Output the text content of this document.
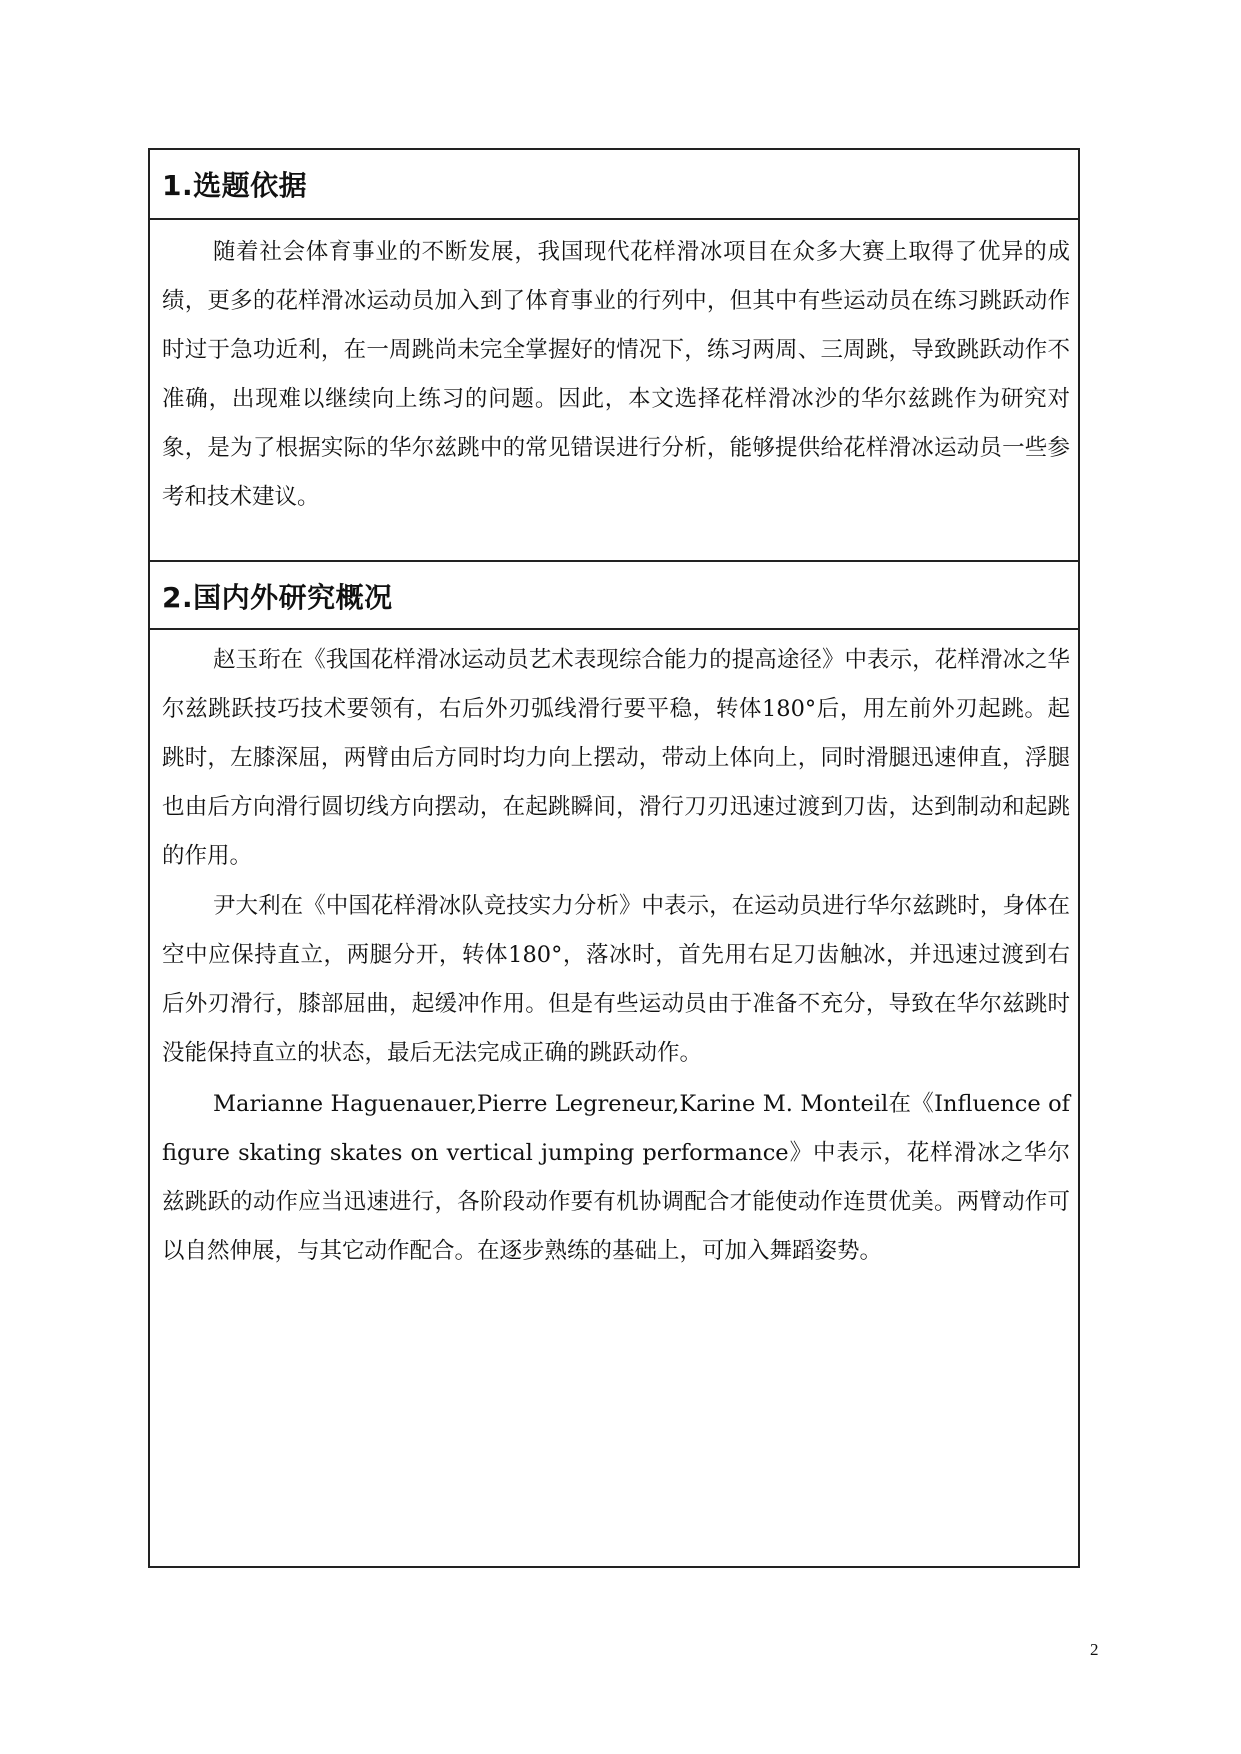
1.选题依据

随着社会体育事业的不断发展，我国现代花样滑冰项目在众多大赛上取得了优异的成绩，更多的花样滑冰运动员加入到了体育事业的行列中，但其中有些运动员在练习跳跃动作时过于急功近利，在一周跳尚未完全掌握好的情况下，练习两周、三周跳，导致跳跃动作不准确，出现难以继续向上练习的问题。因此，本文选择花样滑冰沙的华尔兹跳作为研究对象，是为了根据实际的华尔兹跳中的常见错误进行分析，能够提供给花样滑冰运动员一些参考和技术建议。

2.国内外研究概况

赵玉珩在《我国花样滑冰运动员艺术表现综合能力的提高途径》中表示，花样滑冰之华尔兹跳跃技巧技术要领有，右后外刃弧线滑行要平稳，转体180°后，用左前外刃起跳。起跳时，左膝深屈，两臂由后方同时均力向上摆动，带动上体向上，同时滑腿迅速伸直，浮腿也由后方向滑行圆切线方向摆动，在起跳瞬间，滑行刀刃迅速过渡到刀齿，达到制动和起跳的作用。

尹大利在《中国花样滑冰队竞技实力分析》中表示，在运动员进行华尔兹跳时，身体在空中应保持直立，两腿分开，转体180°，落冰时，首先用右足刀齿触冰，并迅速过渡到右后外刃滑行，膝部屈曲，起缓冲作用。但是有些运动员由于准备不充分，导致在华尔兹跳时没能保持直立的状态，最后无法完成正确的跳跃动作。

Marianne Haguenauer,Pierre Legreneur,Karine M. Monteil在《Influence of figure skating skates on vertical jumping performance》中表示，花样滑冰之华尔兹跳跃的动作应当迅速进行，各阶段动作要有机协调配合才能使动作连贯优美。两臂动作可以自然伸展，与其它动作配合。在逐步熟练的基础上，可加入舞蹈姿势。

2
